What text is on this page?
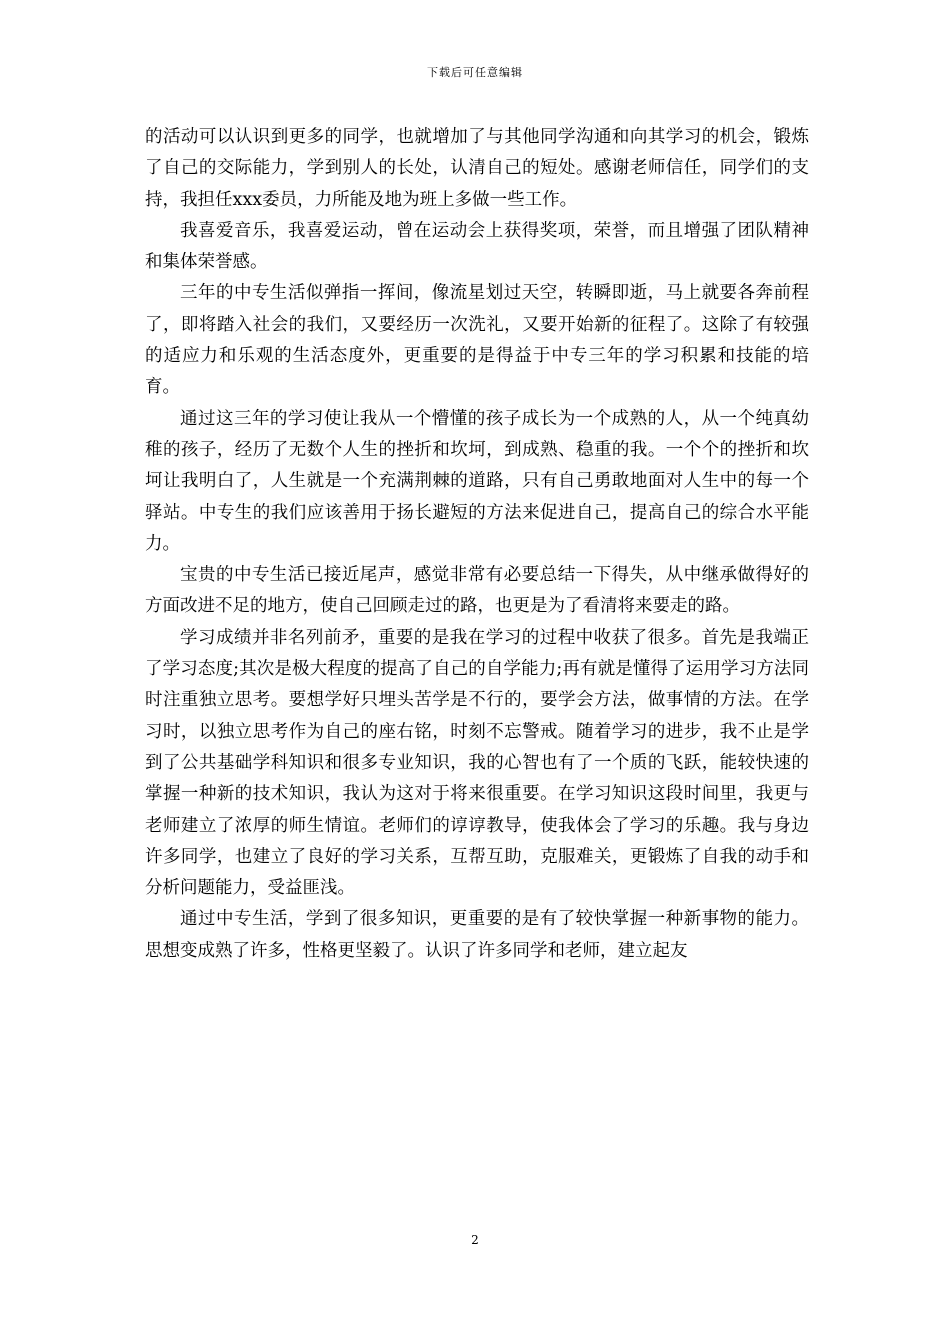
下载后可任意编辑

的活动可以认识到更多的同学，也就增加了与其他同学沟通和向其学习的机会，锻炼了自己的交际能力，学到别人的长处，认清自己的短处。感谢老师信任，同学们的支持，我担任xxx委员，力所能及地为班上多做一些工作。

我喜爱音乐，我喜爱运动，曾在运动会上获得奖项，荣誉，而且增强了团队精神和集体荣誉感。

三年的中专生活似弹指一挥间，像流星划过天空，转瞬即逝，马上就要各奔前程了，即将踏入社会的我们，又要经历一次洗礼，又要开始新的征程了。这除了有较强的适应力和乐观的生活态度外，更重要的是得益于中专三年的学习积累和技能的培育。

通过这三年的学习使让我从一个懵懂的孩子成长为一个成熟的人，从一个纯真幼稚的孩子，经历了无数个人生的挫折和坎坷，到成熟、稳重的我。一个个的挫折和坎坷让我明白了，人生就是一个充满荆棘的道路，只有自己勇敢地面对人生中的每一个驿站。中专生的我们应该善用于扬长避短的方法来促进自己，提高自己的综合水平能力。

宝贵的中专生活已接近尾声，感觉非常有必要总结一下得失，从中继承做得好的方面改进不足的地方，使自己回顾走过的路，也更是为了看清将来要走的路。

学习成绩并非名列前矛，重要的是我在学习的过程中收获了很多。首先是我端正了学习态度;其次是极大程度的提高了自己的自学能力;再有就是懂得了运用学习方法同时注重独立思考。要想学好只埋头苦学是不行的，要学会方法，做事情的方法。在学习时，以独立思考作为自己的座右铭，时刻不忘警戒。随着学习的进步，我不止是学到了公共基础学科知识和很多专业知识，我的心智也有了一个质的飞跃，能较快速的掌握一种新的技术知识，我认为这对于将来很重要。在学习知识这段时间里，我更与老师建立了浓厚的师生情谊。老师们的谆谆教导，使我体会了学习的乐趣。我与身边许多同学，也建立了良好的学习关系，互帮互助，克服难关，更锻炼了自我的动手和分析问题能力，受益匪浅。

通过中专生活，学到了很多知识，更重要的是有了较快掌握一种新事物的能力。思想变成熟了许多，性格更坚毅了。认识了许多同学和老师，建立起友

2
